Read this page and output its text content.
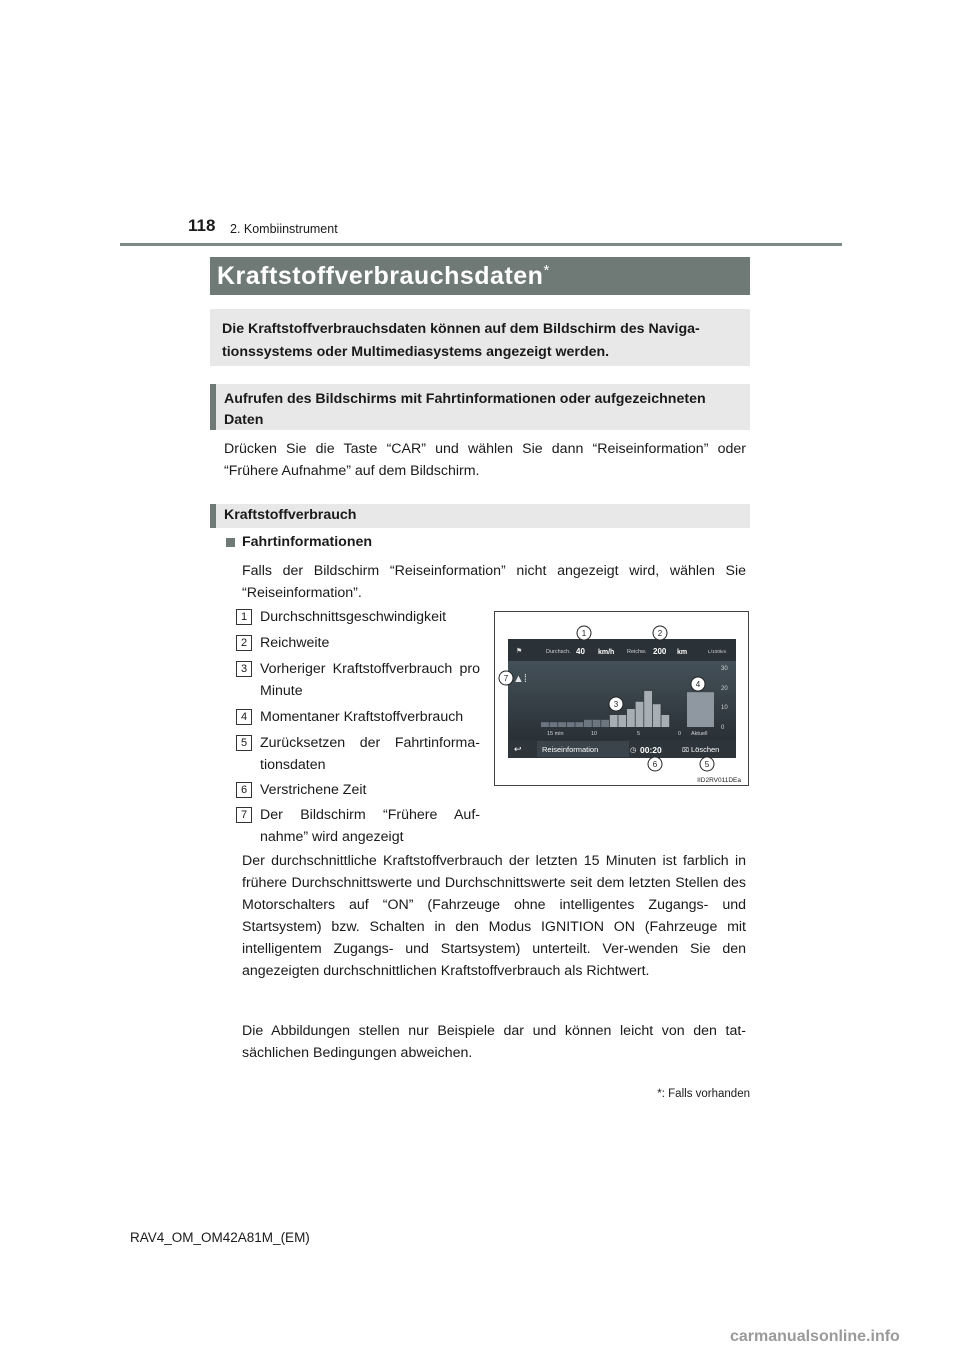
118 2. Kombiinstrument
Kraftstoffverbrauchsdaten*
Die Kraftstoffverbrauchsdaten können auf dem Bildschirm des Naviga-tionssystems oder Multimediasystems angezeigt werden.
Aufrufen des Bildschirms mit Fahrtinformationen oder aufgezeichneten Daten
Drücken Sie die Taste “CAR” und wählen Sie dann “Reiseinformation” oder “Frühere Aufnahme” auf dem Bildschirm.
Kraftstoffverbrauch
Fahrtinformationen
Falls der Bildschirm “Reiseinformation” nicht angezeigt wird, wählen Sie “Reiseinformation”.
1 Durchschnittsgeschwindigkeit
2 Reichweite
3 Vorheriger Kraftstoffverbrauch pro Minute
4 Momentaner Kraftstoffverbrauch
5 Zurücksetzen der Fahrtinforma-tionsdaten
6 Verstrichene Zeit
7 Der Bildschirm “Frühere Auf-nahme” wird angezeigt
⚑	Durchsch. 40 km/h Reichw. 200 km	L/100km
▲⁞
30
20
10
0
15 min	10	5	0 Aktuell
↩	Reiseinformation	◷ 00:20	⌧ Löschen
1	2
3
4
5
6
7
IID2RV011DEa
Der durchschnittliche Kraftstoffverbrauch der letzten 15 Minuten ist farblich in frühere Durchschnittswerte und Durchschnittswerte seit dem letzten Stellen des Motorschalters auf “ON” (Fahrzeuge ohne intelligentes Zugangs- und Startsystem) bzw. Schalten in den Modus IGNITION ON (Fahrzeuge mit intelligentem Zugangs- und Startsystem) unterteilt. Ver-wenden Sie den angezeigten durchschnittlichen Kraftstoffverbrauch als Richtwert.
Die Abbildungen stellen nur Beispiele dar und können leicht von den tat-sächlichen Bedingungen abweichen.
*: Falls vorhanden
RAV4_OM_OM42A81M_(EM)
carmanualsonline.info
